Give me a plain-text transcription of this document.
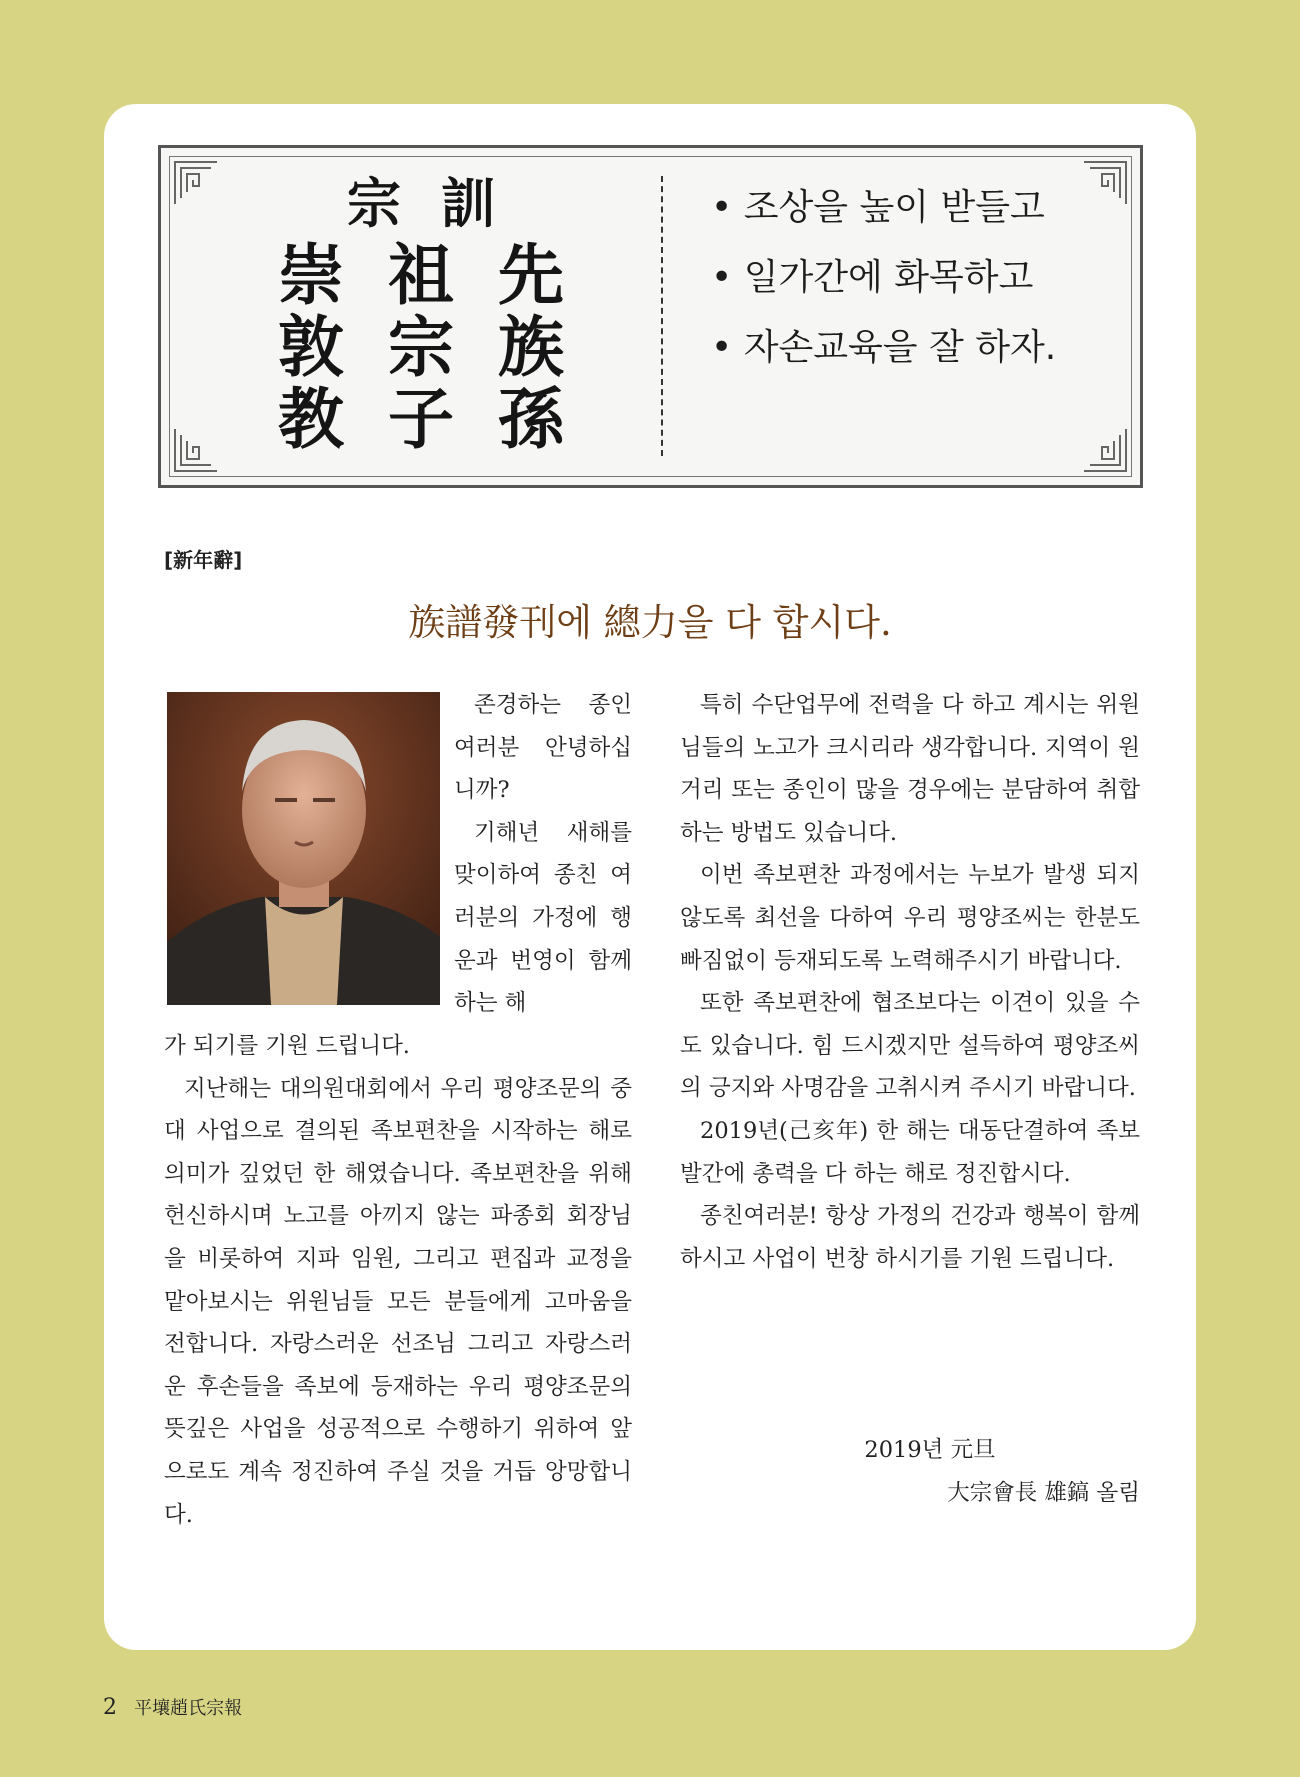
宗訓
崇 祖 先
敦 宗 族
教 子 孫
• 조상을 높이 받들고
• 일가간에 화목하고
• 자손교육을 잘 하자.
[新年辭]
族譜發刊에 總力을 다 합시다.

존경하는 종인 여러분 안녕하십니까?

기해년 새해를 맞이하여 종친 여러분의 가정에 행운과 번영이 함께하는 해

가 되기를 기원 드립니다.

지난해는 대의원대회에서 우리 평양조문의 중대 사업으로 결의된 족보편찬을 시작하는 해로 의미가 깊었던 한 해였습니다. 족보편찬을 위해 헌신하시며 노고를 아끼지 않는 파종회 회장님을 비롯하여 지파 임원, 그리고 편집과 교정을 맡아보시는 위원님들 모든 분들에게 고마움을 전합니다. 자랑스러운 선조님 그리고 자랑스러운 후손들을 족보에 등재하는 우리 평양조문의 뜻깊은 사업을 성공적으로 수행하기 위하여 앞으로도 계속 정진하여 주실 것을 거듭 앙망합니다.

특히 수단업무에 전력을 다 하고 계시는 위원님들의 노고가 크시리라 생각합니다. 지역이 원거리 또는 종인이 많을 경우에는 분담하여 취합하는 방법도 있습니다.

이번 족보편찬 과정에서는 누보가 발생 되지 않도록 최선을 다하여 우리 평양조씨는 한분도 빠짐없이 등재되도록 노력해주시기 바랍니다.

또한 족보편찬에 협조보다는 이견이 있을 수도 있습니다. 힘 드시겠지만 설득하여 평양조씨의 긍지와 사명감을 고취시켜 주시기 바랍니다.

2019년(己亥年) 한 해는 대동단결하여 족보발간에 총력을 다 하는 해로 정진합시다.

종친여러분! 항상 가정의 건강과 행복이 함께하시고 사업이 번창 하시기를 기원 드립니다.

2019년 元旦
大宗會長 雄鎬 올림
2 平壤趙氏宗報
